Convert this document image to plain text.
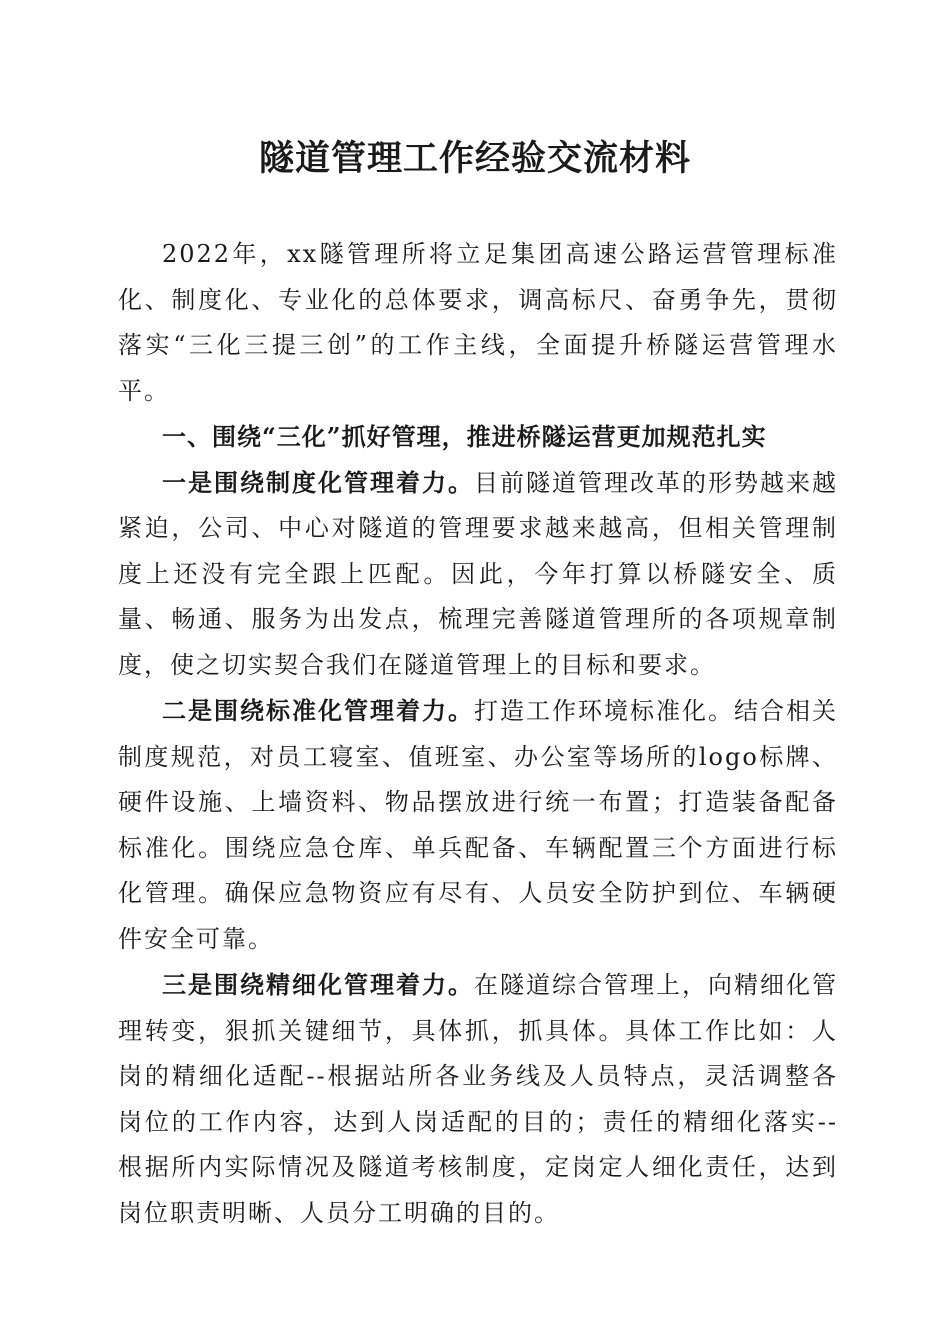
隧道管理工作经验交流材料

2022年，xx隧管理所将立足集团高速公路运营管理标准化、制度化、专业化的总体要求，调高标尺、奋勇争先，贯彻落实“三化三提三创”的工作主线，全面提升桥隧运营管理水平。

一、围绕“三化”抓好管理，推进桥隧运营更加规范扎实

一是围绕制度化管理着力。目前隧道管理改革的形势越来越紧迫，公司、中心对隧道的管理要求越来越高，但相关管理制度上还没有完全跟上匹配。因此，今年打算以桥隧安全、质量、畅通、服务为出发点，梳理完善隧道管理所的各项规章制度，使之切实契合我们在隧道管理上的目标和要求。

二是围绕标准化管理着力。打造工作环境标准化。结合相关制度规范，对员工寝室、值班室、办公室等场所的logo标牌、硬件设施、上墙资料、物品摆放进行统一布置；打造装备配备标准化。围绕应急仓库、单兵配备、车辆配置三个方面进行标化管理。确保应急物资应有尽有、人员安全防护到位、车辆硬件安全可靠。

三是围绕精细化管理着力。在隧道综合管理上，向精细化管理转变，狠抓关键细节，具体抓，抓具体。具体工作比如：人岗的精细化适配--根据站所各业务线及人员特点，灵活调整各岗位的工作内容，达到人岗适配的目的；责任的精细化落实--根据所内实际情况及隧道考核制度，定岗定人细化责任，达到岗位职责明晰、人员分工明确的目的。
